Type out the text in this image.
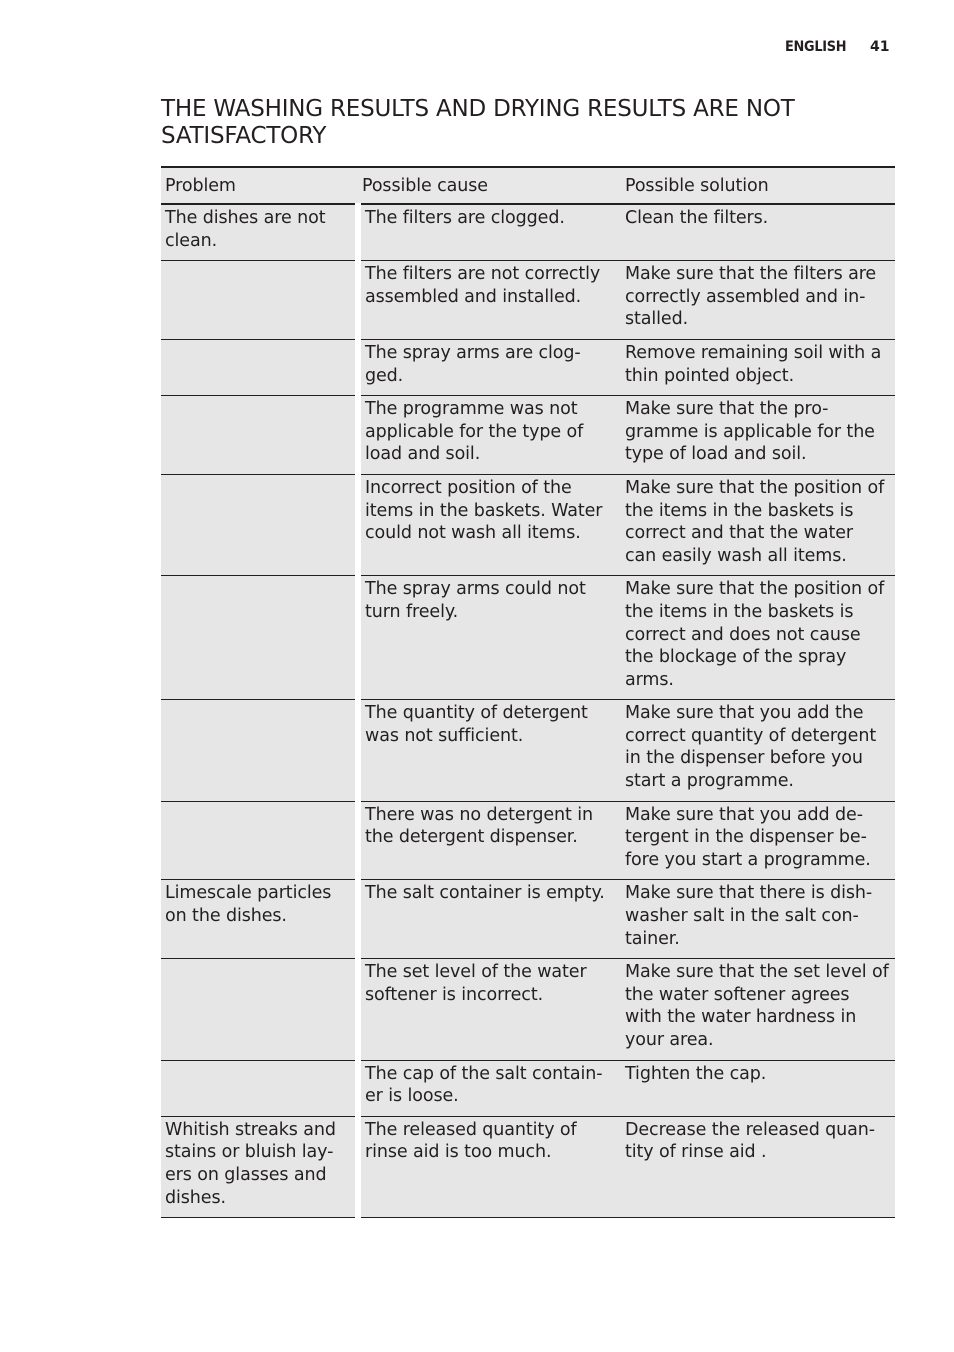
ENGLISH 41
THE WASHING RESULTS AND DRYING RESULTS ARE NOT SATISFACTORY
Problem	Possible cause	Possible solution
The dishes are not clean.	The filters are clogged.	Clean the filters.
	The filters are not correctly assembled and installed.	Make sure that the filters are correctly assembled and in-stalled.
	The spray arms are clog-ged.	Remove remaining soil with a thin pointed object.
	The programme was not applicable for the type of load and soil.	Make sure that the pro-gramme is applicable for the type of load and soil.
	Incorrect position of the items in the baskets. Water could not wash all items.	Make sure that the position of the items in the baskets is correct and that the water can easily wash all items.
	The spray arms could not turn freely.	Make sure that the position of the items in the baskets is correct and does not cause the blockage of the spray arms.
	The quantity of detergent was not sufficient.	Make sure that you add the correct quantity of detergent in the dispenser before you start a programme.
	There was no detergent in the detergent dispenser.	Make sure that you add de-tergent in the dispenser be-fore you start a programme.
Limescale particles on the dishes.	The salt container is empty.	Make sure that there is dish-washer salt in the salt con-tainer.
	The set level of the water softener is incorrect.	Make sure that the set level of the water softener agrees with the water hardness in your area.
	The cap of the salt contain-er is loose.	Tighten the cap.
Whitish streaks and stains or bluish lay-ers on glasses and dishes.	The released quantity of rinse aid is too much.	Decrease the released quan-tity of rinse aid .
